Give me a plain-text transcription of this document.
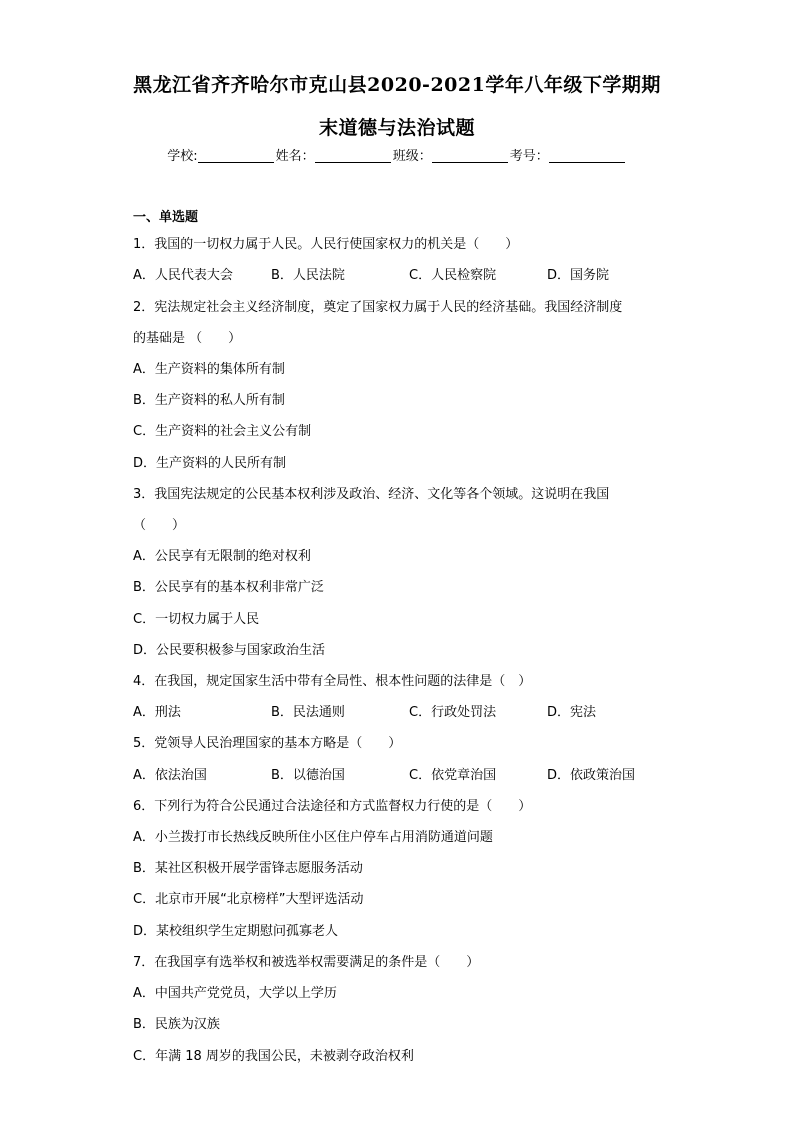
黑龙江省齐齐哈尔市克山县2020-2021学年八年级下学期期
末道德与法治试题
学校:	姓名：	班级：	考号：
一、单选题
1．我国的一切权力属于人民。人民行使国家权力的机关是（　　）
A．人民代表大会	B．人民法院	C．人民检察院	D．国务院
2．宪法规定社会主义经济制度，奠定了国家权力属于人民的经济基础。我国经济制度
的基础是 （　　）
A．生产资料的集体所有制
B．生产资料的私人所有制
C．生产资料的社会主义公有制
D．生产资料的人民所有制
3．我国宪法规定的公民基本权利涉及政治、经济、文化等各个领域。这说明在我国
（　　）
A．公民享有无限制的绝对权利
B．公民享有的基本权利非常广泛
C．一切权力属于人民
D．公民要积极参与国家政治生活
4．在我国，规定国家生活中带有全局性、根本性问题的法律是（　）
A．刑法	B．民法通则	C．行政处罚法	D．宪法
5．党领导人民治理国家的基本方略是（　　）
A．依法治国	B．以德治国	C．依党章治国	D．依政策治国
6．下列行为符合公民通过合法途径和方式监督权力行使的是（　　）
A．小兰拨打市长热线反映所住小区住户停车占用消防通道问题
B．某社区积极开展学雷锋志愿服务活动
C．北京市开展“北京榜样”大型评选活动
D．某校组织学生定期慰问孤寡老人
7．在我国享有选举权和被选举权需要满足的条件是（　　）
A．中国共产党党员，大学以上学历
B．民族为汉族
C．年满 18 周岁的我国公民，未被剥夺政治权利
